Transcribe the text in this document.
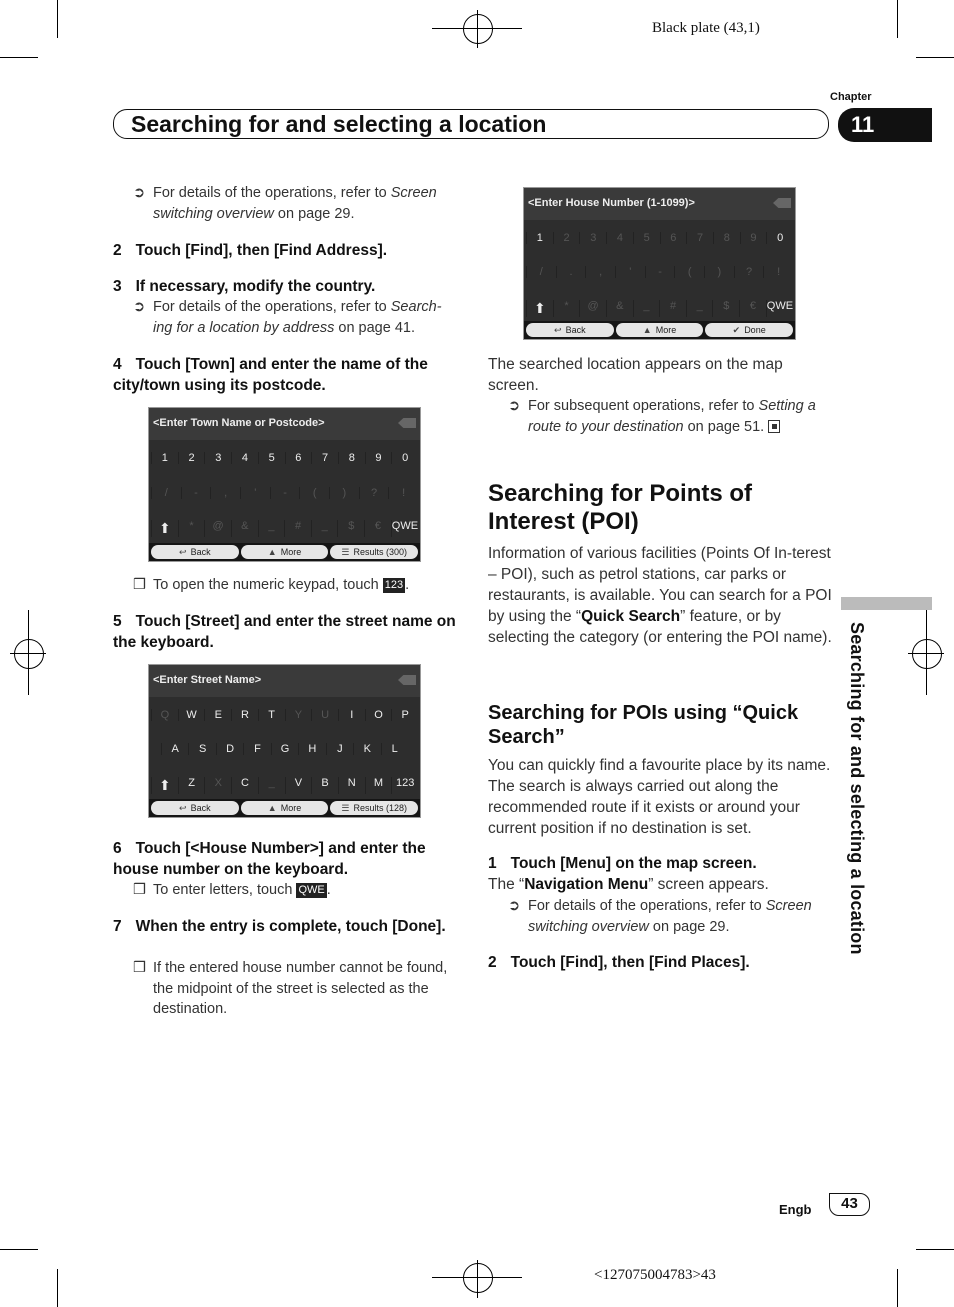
Black plate (43,1)
Chapter
Searching for and selecting a location	11
➲ For details of the operations, refer to Screen switching overview on page 29.
2 Touch [Find], then [Find Address].
3 If necessary, modify the country.
➲ For details of the operations, refer to Search-ing for a location by address on page 41.
4 Touch [Town] and enter the name of the city/town using its postcode.
<Enter Town Name or Postcode>
1	2	3	4	5	6	7	8	9	0
/	-	,	'	-	(	)	?	!
⬆	*	@	&	_	#	_	$	€ QWE
↩ Back	▲ More	☰ Results (300)
❒ To open the numeric keypad, touch 123 .
5 Touch [Street] and enter the street name on the keyboard.
<Enter Street Name>
Q	W	E	R	T	Y	U	I	O	P
A	S	D	F	G	H	J	K	L
⬆	Z	X	C	_	V	B	N	M	123
↩ Back	▲ More	☰ Results (128)
6 Touch [<House Number>] and enter the house number on the keyboard.
❒ To enter letters, touch QWE .
7 When the entry is complete, touch [Done].
❒ If the entered house number cannot be found, the midpoint of the street is selected as the destination.
<Enter House Number (1-1099)>
1	2	3	4	5	6	7	8	9	0
/	.	,	'	-	(	)	?	!
⬆	*	@	&	_	#	_	$	€ QWE
↩ Back	▲ More	✔ Done
The searched location appears on the map screen.
➲ For subsequent operations, refer to Setting a route to your destination on page 51.
Searching for Points of Interest (POI)
Information of various facilities (Points Of In-terest – POI), such as petrol stations, car parks or restaurants, is available. You can search for a POI by using the “Quick Search” feature, or by selecting the category (or entering the POI name).
Searching for POIs using “Quick Search”
You can quickly find a favourite place by its name. The search is always carried out along the recommended route if it exists or around your current position if no destination is set.
1 Touch [Menu] on the map screen.
The “Navigation Menu” screen appears.
➲ For details of the operations, refer to Screen switching overview on page 29.
2 Touch [Find], then [Find Places].
Searching for and selecting a location
Engb	43
<127075004783>43
